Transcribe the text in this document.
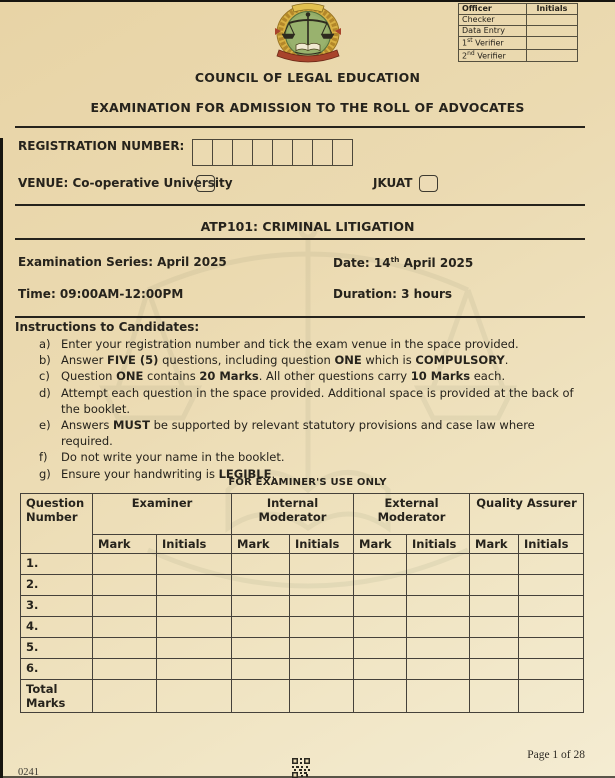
Officer	Initials
Checker	
Data Entry	
1st Verifier	
2nd Verifier	
COUNCIL OF LEGAL EDUCATION
EXAMINATION FOR ADMISSION TO THE ROLL OF ADVOCATES
REGISTRATION NUMBER:
VENUE: Co-operative University	JKUAT
ATP101: CRIMINAL LITIGATION
Examination Series: April 2025	Date: 14th April 2025
Time: 09:00AM-12:00PM	Duration: 3 hours
Instructions to Candidates:
a) Enter your registration number and tick the exam venue in the space provided.
b) Answer FIVE (5) questions, including question ONE which is COMPULSORY.
c) Question ONE contains 20 Marks. All other questions carry 10 Marks each.
d) Attempt each question in the space provided. Additional space is provided at the back of the booklet.
e) Answers MUST be supported by relevant statutory provisions and case law where required.
f)	Do not write your name in the booklet.
g) Ensure your handwriting is LEGIBLE.
FOR EXAMINER'S USE ONLY
Question Number	Examiner		Internal Moderator		External Moderator		Quality Assurer	
	Mark	Initials	Mark	Initials	Mark	Initials	Mark	Initials
1.								
2.								
3.								
4.								
5.								
6.								
Total Marks								
Page 1 of 28
0241
